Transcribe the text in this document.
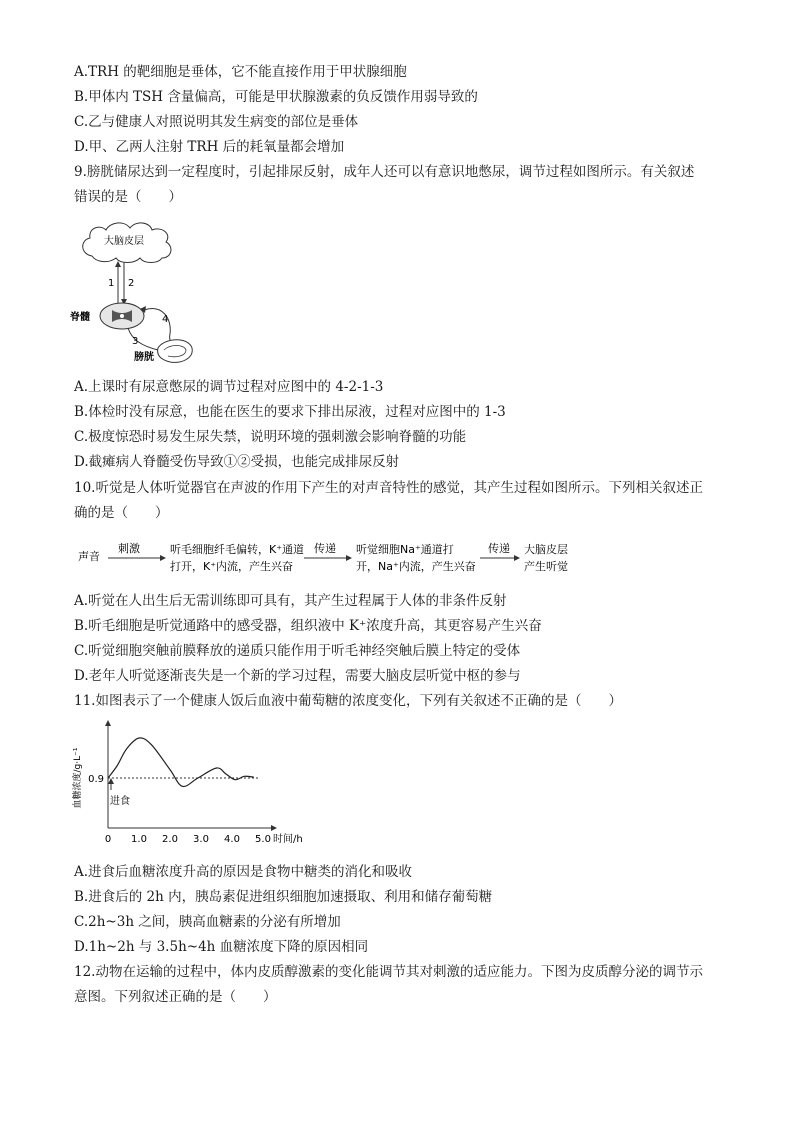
A.TRH 的靶细胞是垂体，它不能直接作用于甲状腺细胞
B.甲体内 TSH 含量偏高，可能是甲状腺激素的负反馈作用弱导致的
C.乙与健康人对照说明其发生病变的部位是垂体
D.甲、乙两人注射 TRH 后的耗氧量都会增加
9.膀胱储尿达到一定程度时，引起排尿反射，成年人还可以有意识地憋尿，调节过程如图所示。有关叙述
错误的是（　　）
大脑皮层
1 2
脊髓	4
3
膀胱
A.上课时有尿意憋尿的调节过程对应图中的 4-2-1-3
B.体检时没有尿意，也能在医生的要求下排出尿液，过程对应图中的 1-3
C.极度惊恐时易发生尿失禁，说明环境的强刺激会影响脊髓的功能
D.截瘫病人脊髓受伤导致①②受损，也能完成排尿反射
10.听觉是人体听觉器官在声波的作用下产生的对声音特性的感觉，其产生过程如图所示。下列相关叙述正
确的是（　　）
声音
刺激	听毛细胞纤毛偏转，K⁺通道
打开，K⁺内流，产生兴奋
传递 听觉细胞Na⁺通道打
开，Na⁺内流，产生兴奋
传递 大脑皮层
产生听觉
A.听觉在人出生后无需训练即可具有，其产生过程属于人体的非条件反射
B.听毛细胞是听觉通路中的感受器，组织液中 K⁺浓度升高，其更容易产生兴奋
C.听觉细胞突触前膜释放的递质只能作用于听毛神经突触后膜上特定的受体
D.老年人听觉逐渐丧失是一个新的学习过程，需要大脑皮层听觉中枢的参与
11.如图表示了一个健康人饭后血液中葡萄糖的浓度变化，下列有关叙述不正确的是（　　）
0 1.0 2.0 3.0 4.0 5.0
0.9
血糖浓度/g·L⁻¹
时间/h
进食
A.进食后血糖浓度升高的原因是食物中糖类的消化和吸收
B.进食后的 2h 内，胰岛素促进组织细胞加速摄取、利用和储存葡萄糖
C.2h~3h 之间，胰高血糖素的分泌有所增加
D.1h~2h 与 3.5h~4h 血糖浓度下降的原因相同
12.动物在运输的过程中，体内皮质醇激素的变化能调节其对刺激的适应能力。下图为皮质醇分泌的调节示
意图。下列叙述正确的是（　　）
